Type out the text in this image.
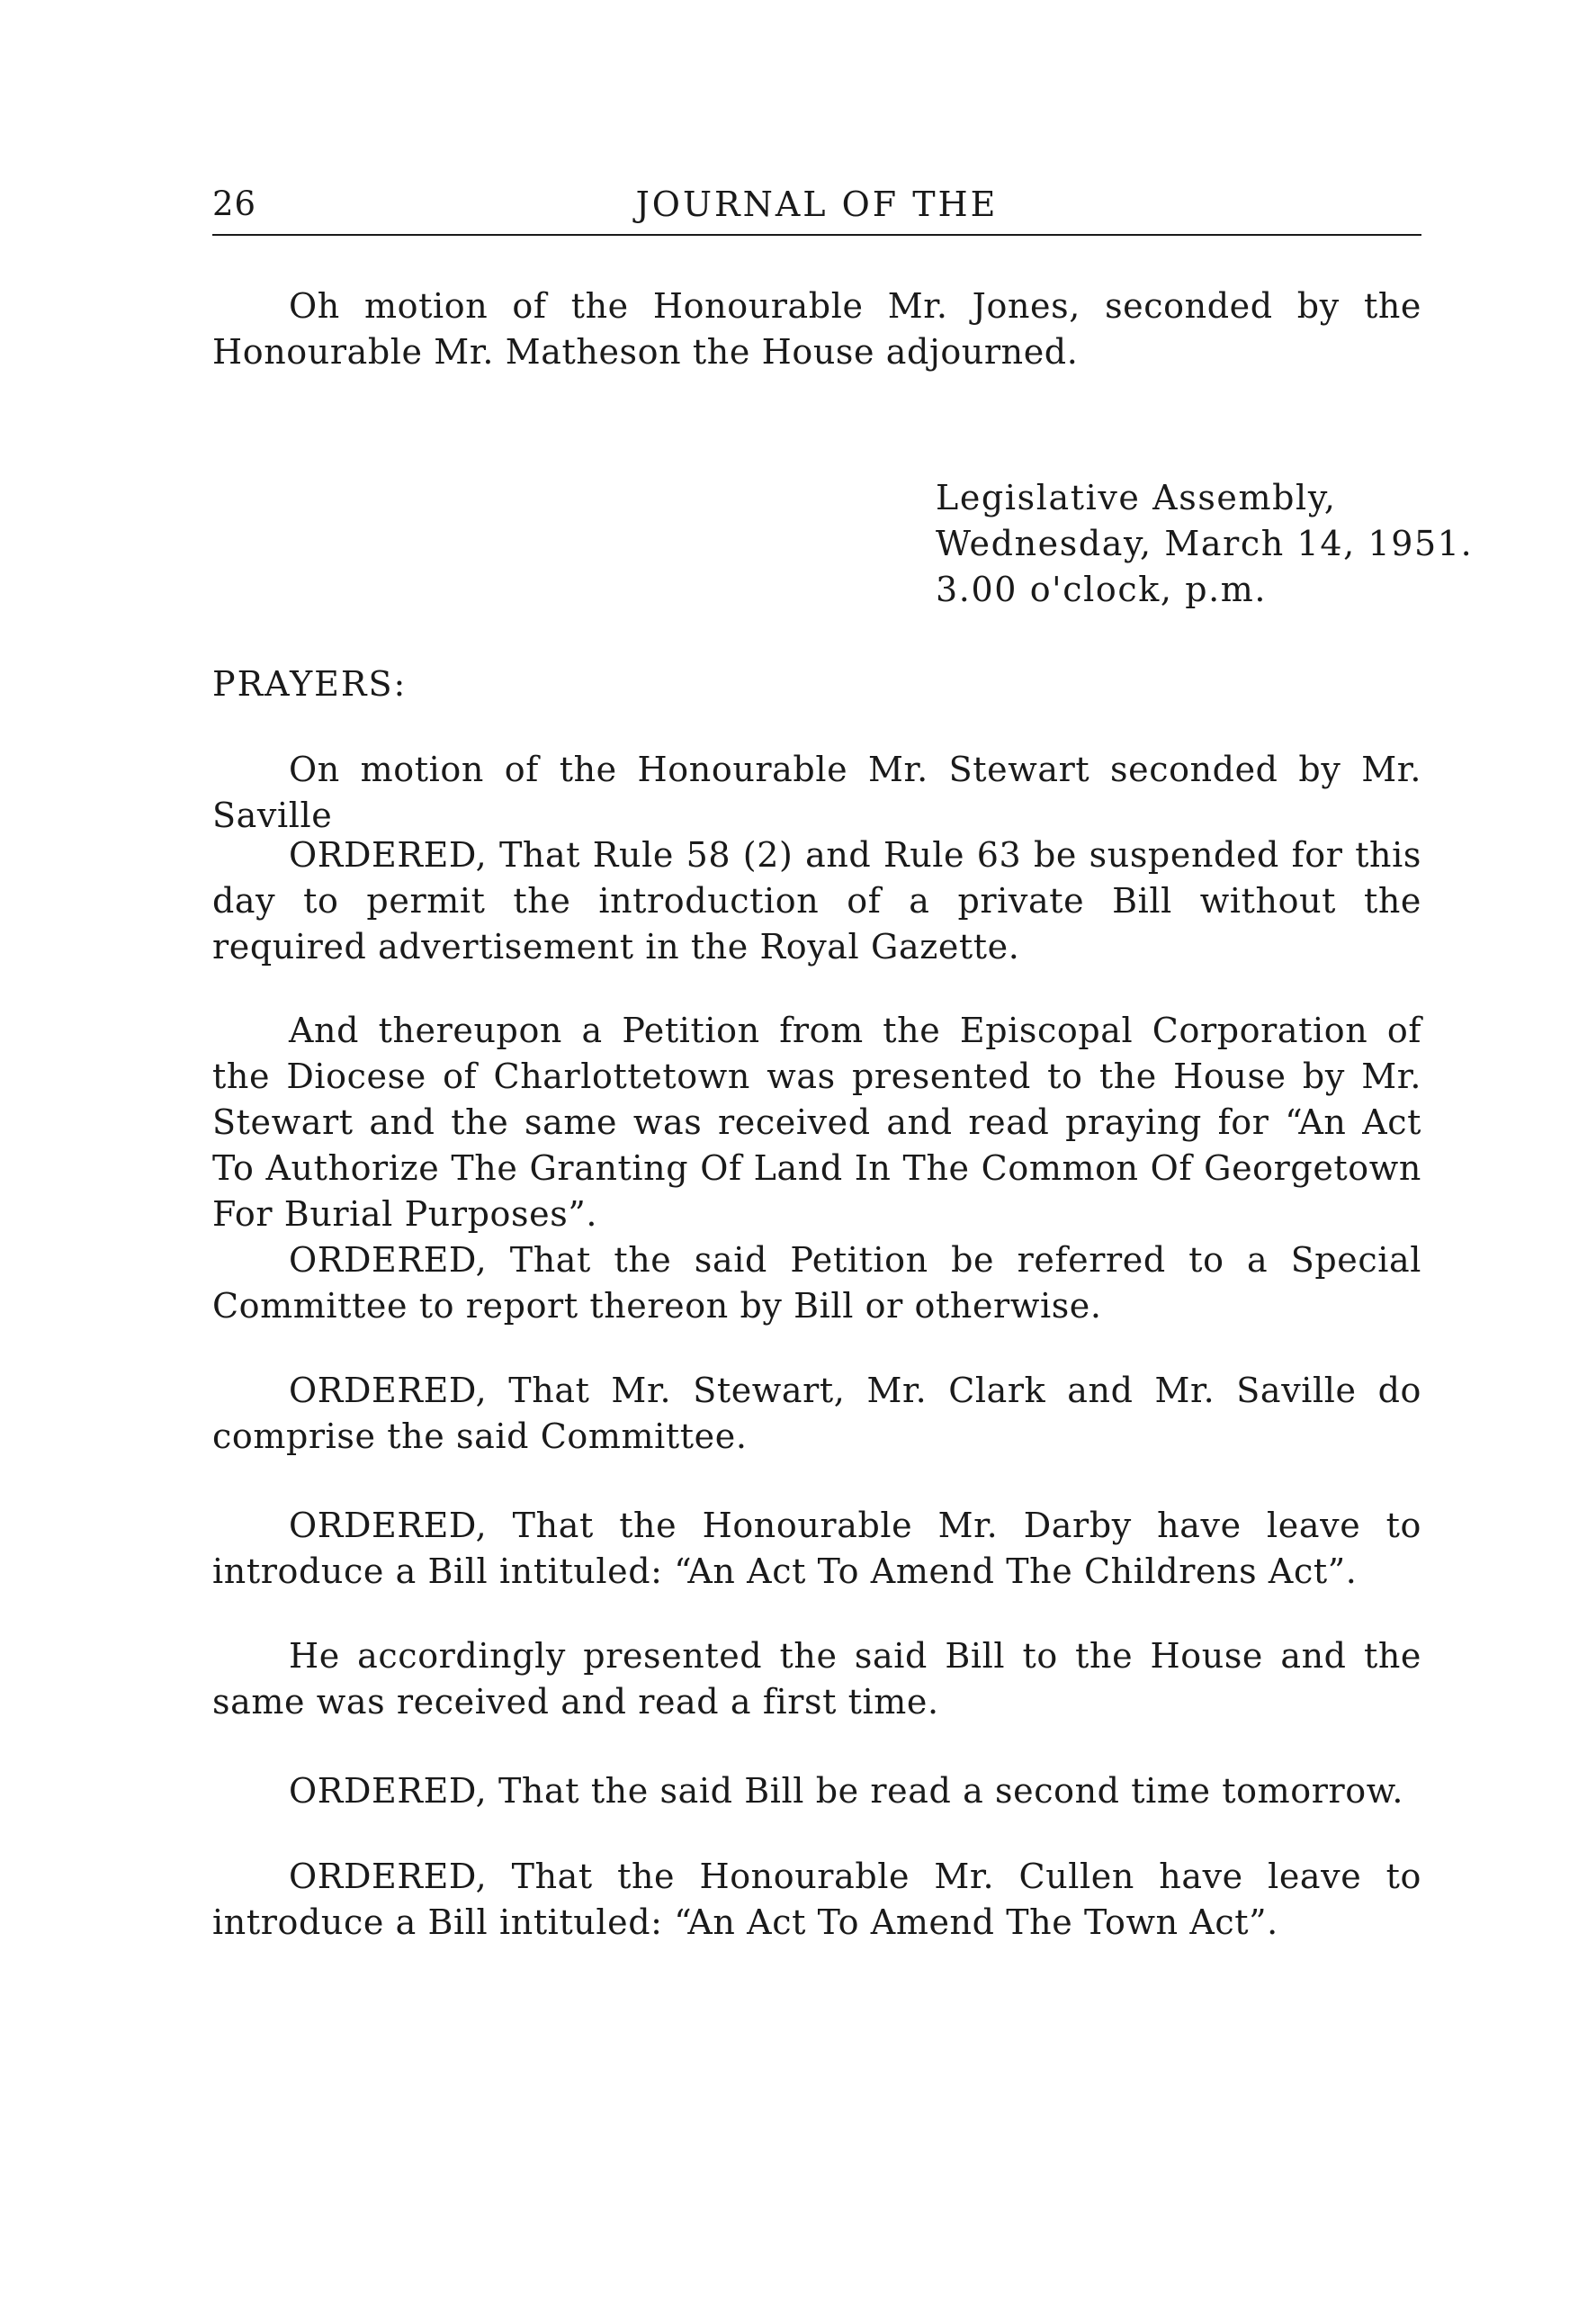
26	JOURNAL OF THE

Oh motion of the Honourable Mr. Jones, seconded by the Honourable Mr. Matheson the House adjourned.

Legislative Assembly,
Wednesday, March 14, 1951.
3.00 o'clock, p.m.
PRAYERS:

On motion of the Honourable Mr. Stewart seconded by Mr. Saville

ORDERED, That Rule 58 (2) and Rule 63 be suspended for this day to permit the introduction of a private Bill without the required advertisement in the Royal Gazette.

And thereupon a Petition from the Episcopal Corporation of the Diocese of Charlottetown was presented to the House by Mr. Stewart and the same was received and read praying for “An Act To Authorize The Granting Of Land In The Common Of Georgetown For Burial Purposes”.

ORDERED, That the said Petition be referred to a Special Committee to report thereon by Bill or otherwise.

ORDERED, That Mr. Stewart, Mr. Clark and Mr. Saville do comprise the said Committee.

ORDERED, That the Honourable Mr. Darby have leave to introduce a Bill intituled: “An Act To Amend The Childrens Act”.

He accordingly presented the said Bill to the House and the same was received and read a first time.

ORDERED, That the said Bill be read a second time tomorrow.

ORDERED, That the Honourable Mr. Cullen have leave to introduce a Bill intituled: “An Act To Amend The Town Act”.
